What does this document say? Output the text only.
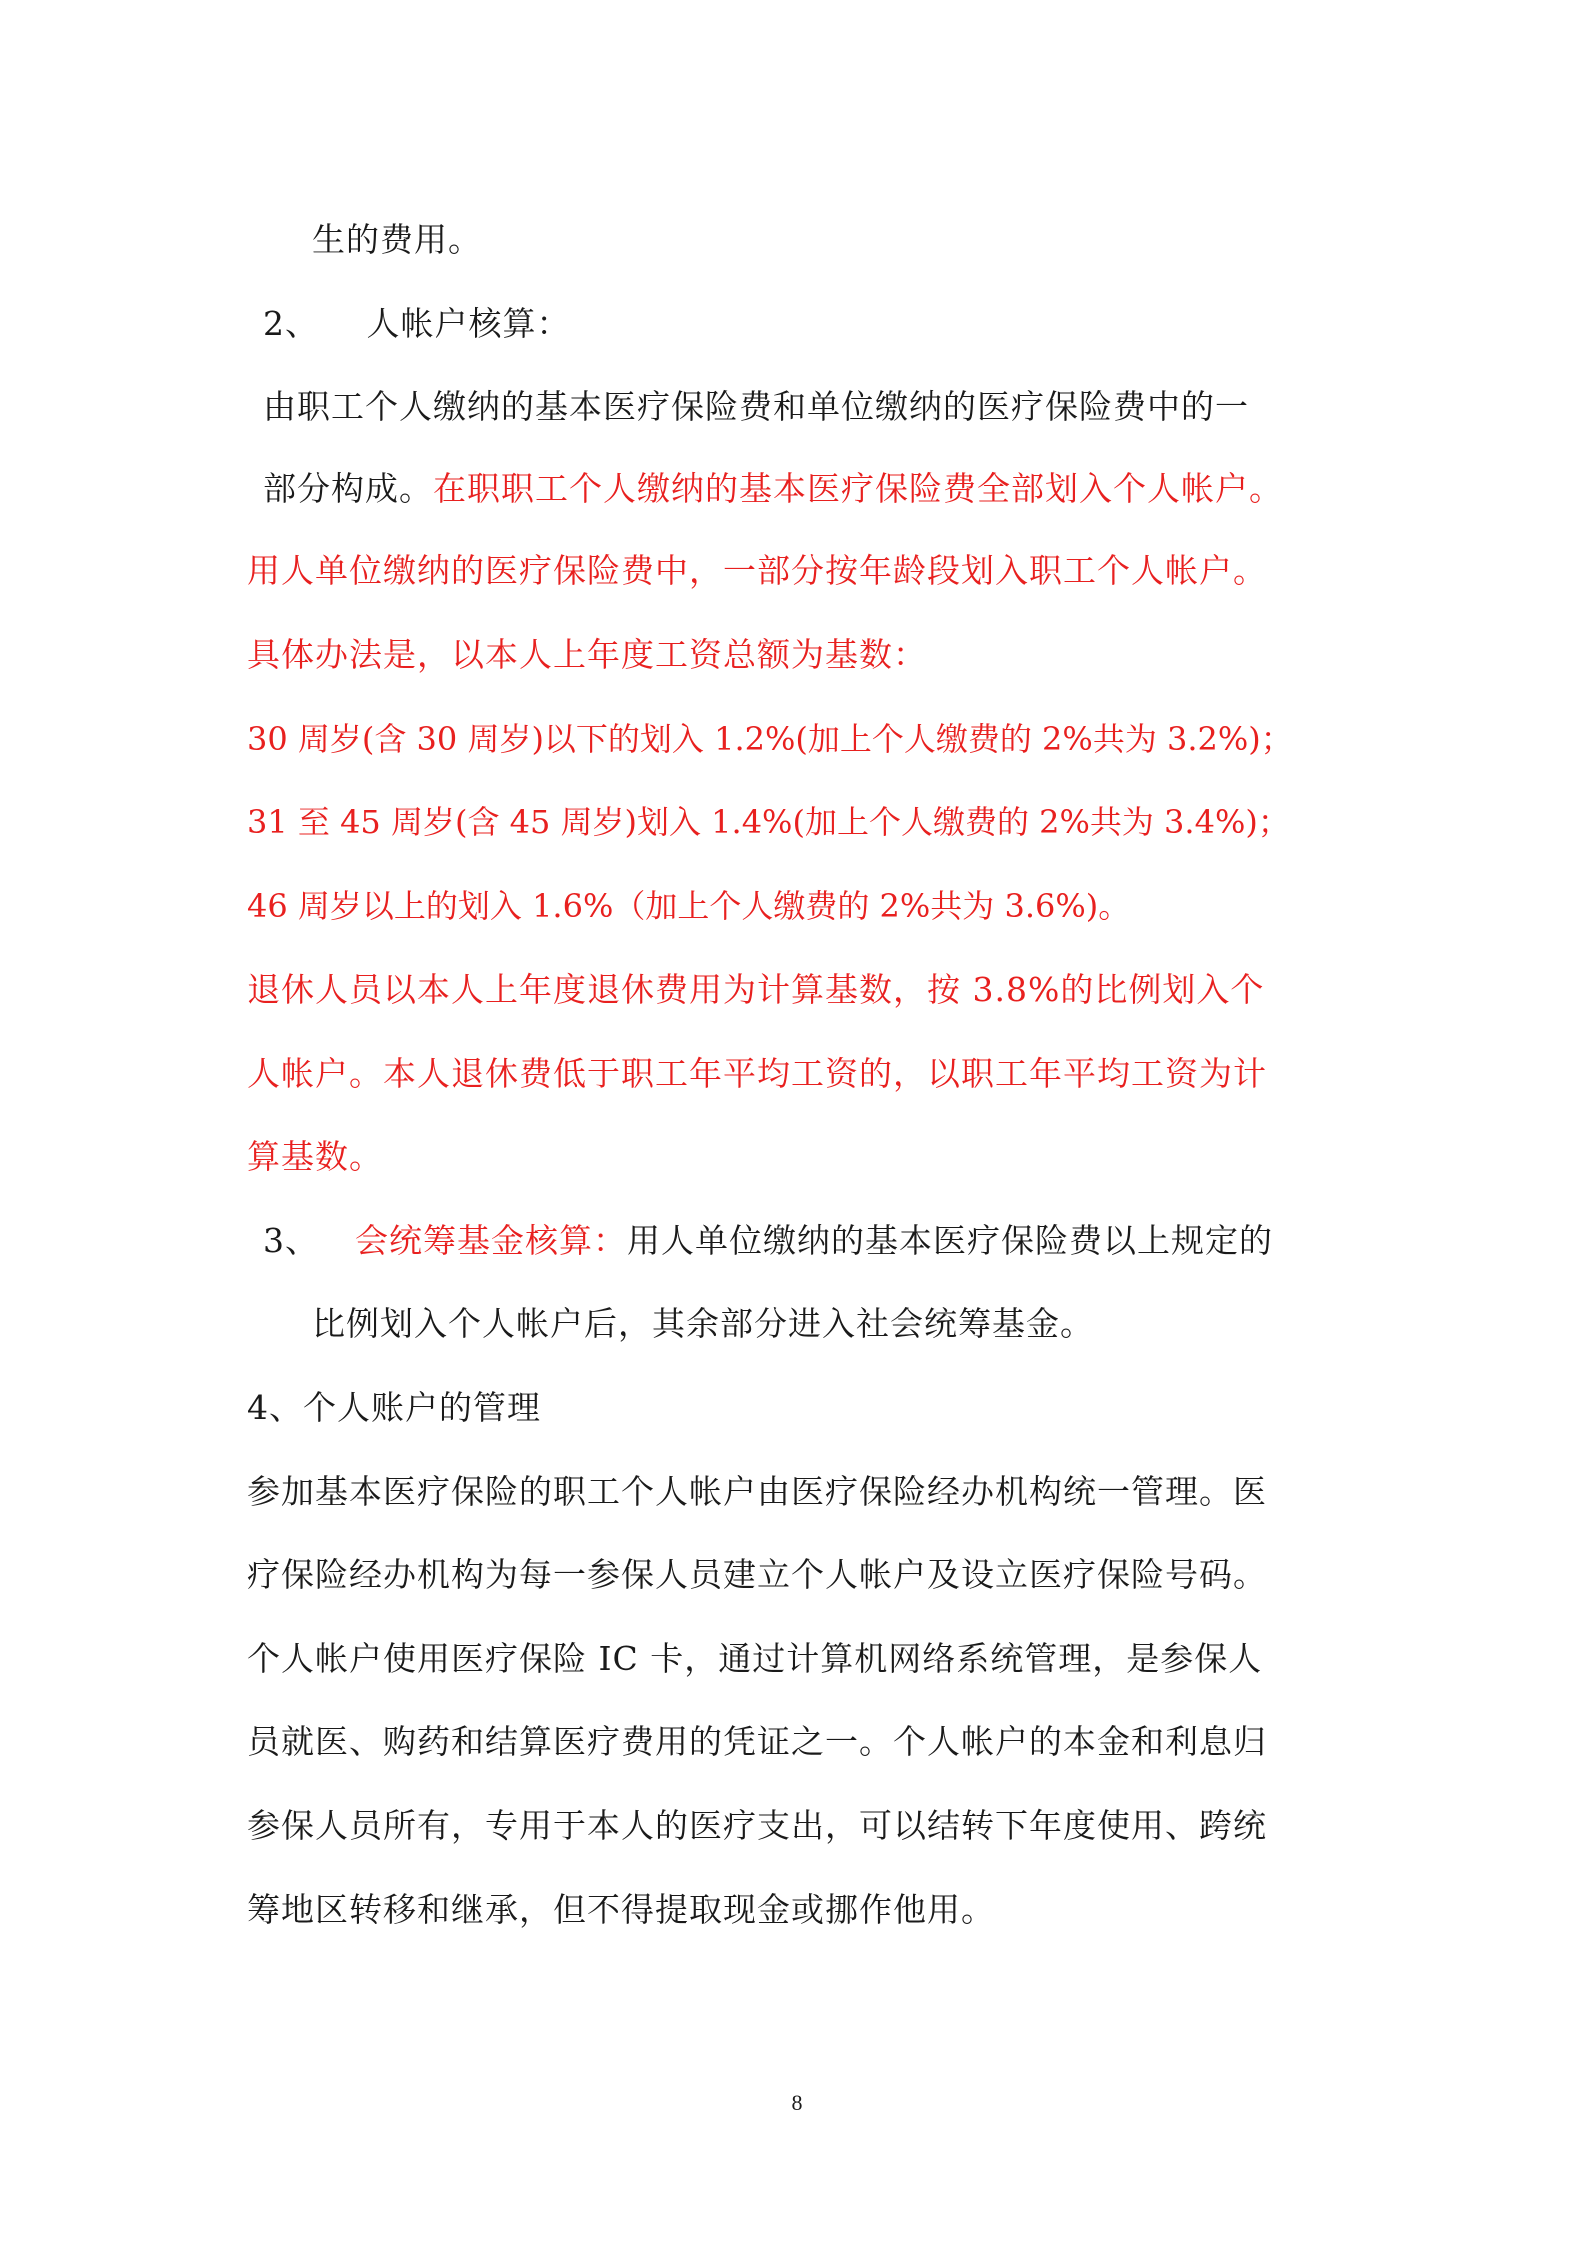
生的费用。
2、 人帐户核算：
由职工个人缴纳的基本医疗保险费和单位缴纳的医疗保险费中的一
部分构成。在职职工个人缴纳的基本医疗保险费全部划入个人帐户。
用人单位缴纳的医疗保险费中，一部分按年龄段划入职工个人帐户。
具体办法是，以本人上年度工资总额为基数：
30 周岁(含 30 周岁)以下的划入 1.2%(加上个人缴费的 2%共为 3.2%)；
31 至 45 周岁(含 45 周岁)划入 1.4%(加上个人缴费的 2%共为 3.4%)；
46 周岁以上的划入 1.6%（加上个人缴费的 2%共为 3.6%)。
退休人员以本人上年度退休费用为计算基数，按 3.8%的比例划入个
人帐户。本人退休费低于职工年平均工资的，以职工年平均工资为计
算基数。
3、 会统筹基金核算：用人单位缴纳的基本医疗保险费以上规定的
比例划入个人帐户后，其余部分进入社会统筹基金。
4、个人账户的管理
参加基本医疗保险的职工个人帐户由医疗保险经办机构统一管理。医
疗保险经办机构为每一参保人员建立个人帐户及设立医疗保险号码。
个人帐户使用医疗保险 IC 卡，通过计算机网络系统管理，是参保人
员就医、购药和结算医疗费用的凭证之一。个人帐户的本金和利息归
参保人员所有，专用于本人的医疗支出，可以结转下年度使用、跨统
筹地区转移和继承，但不得提取现金或挪作他用。
8
